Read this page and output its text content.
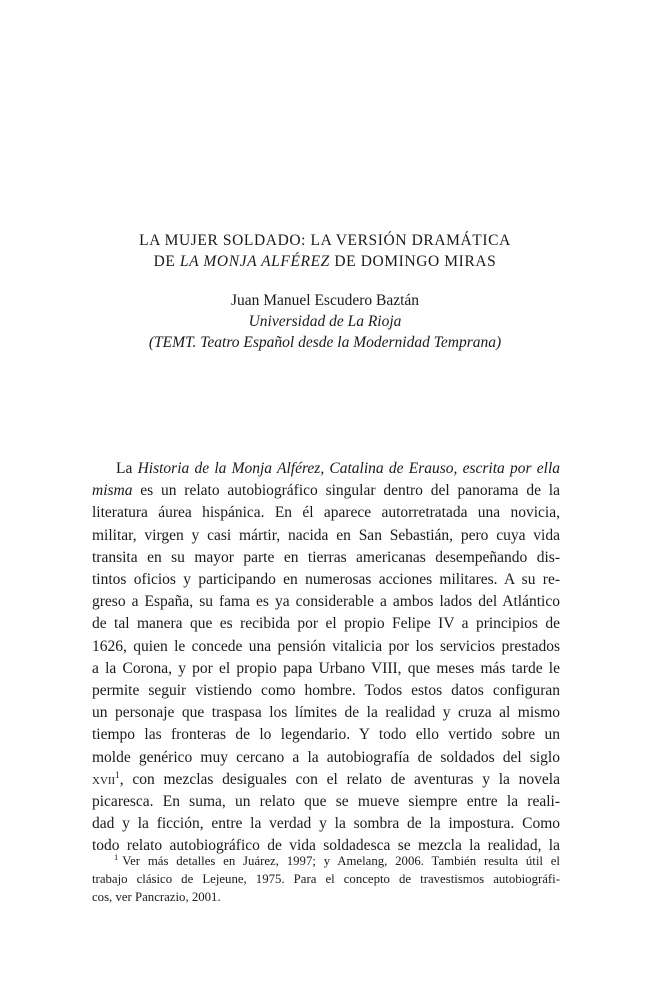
LA MUJER SOLDADO: LA VERSIÓN DRAMÁTICA
DE LA MONJA ALFÉREZ DE DOMINGO MIRAS
Juan Manuel Escudero Baztán
Universidad de La Rioja
(TEMT. Teatro Español desde la Modernidad Temprana)
La Historia de la Monja Alférez, Catalina de Erauso, escrita por ella
misma es un relato autobiográfico singular dentro del panorama de la
literatura áurea hispánica. En él aparece autorretratada una novicia,
militar, virgen y casi mártir, nacida en San Sebastián, pero cuya vida
transita en su mayor parte en tierras americanas desempeñando dis-
tintos oficios y participando en numerosas acciones militares. A su re-
greso a España, su fama es ya considerable a ambos lados del Atlántico
de tal manera que es recibida por el propio Felipe IV a principios de
1626, quien le concede una pensión vitalicia por los servicios prestados
a la Corona, y por el propio papa Urbano VIII, que meses más tarde le
permite seguir vistiendo como hombre. Todos estos datos configuran
un personaje que traspasa los límites de la realidad y cruza al mismo
tiempo las fronteras de lo legendario. Y todo ello vertido sobre un
molde genérico muy cercano a la autobiografía de soldados del siglo
xvii$^1$, con mezclas desiguales con el relato de aventuras y la novela
picaresca. En suma, un relato que se mueve siempre entre la reali-
dad y la ficción, entre la verdad y la sombra de la impostura. Como
todo relato autobiográfico de vida soldadesca se mezcla la realidad, la
$^1$ Ver más detalles en Juárez, 1997; y Amelang, 2006. También resulta útil el
trabajo clásico de Lejeune, 1975. Para el concepto de travestismos autobiográfi-
cos, ver Pancrazio, 2001.
